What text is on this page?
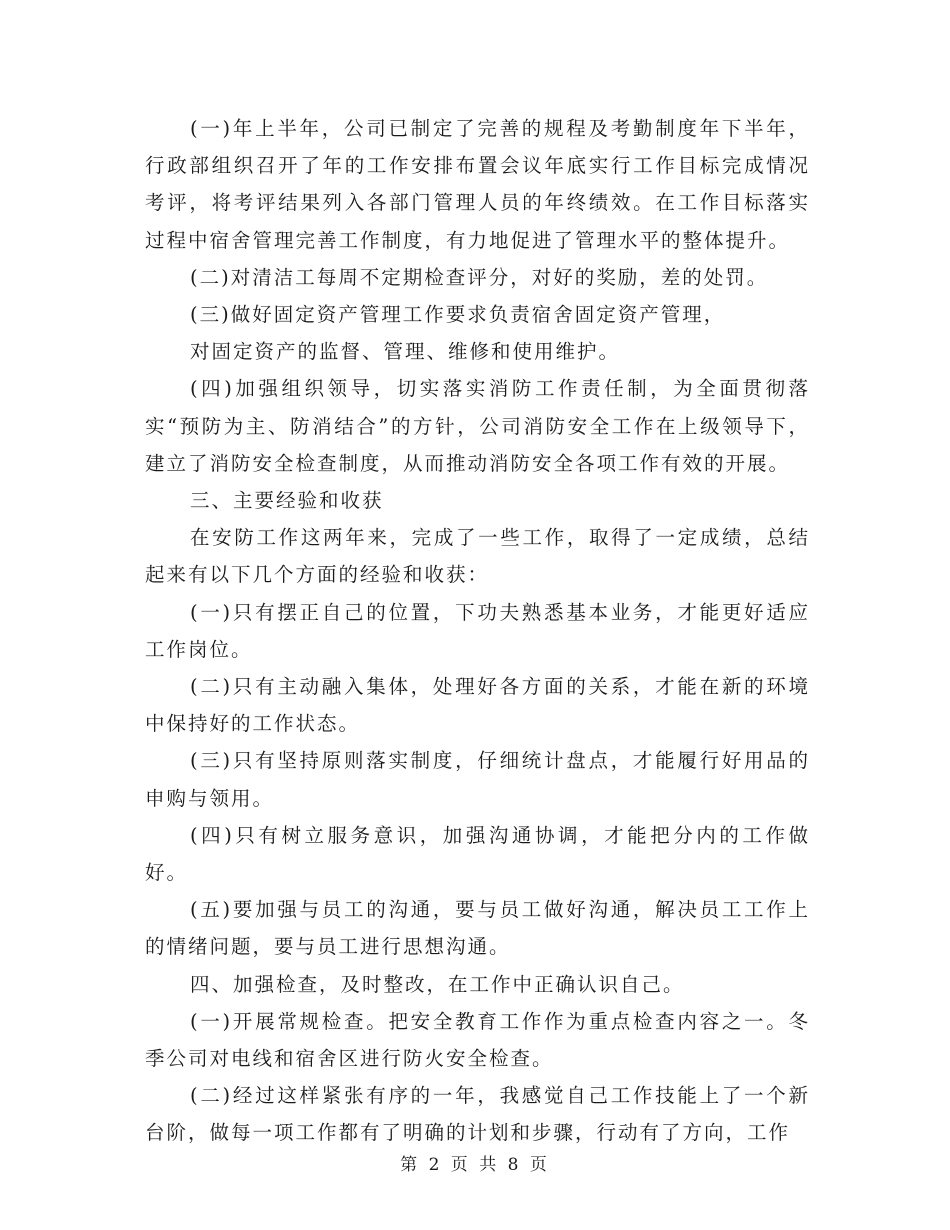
(一)年上半年，公司已制定了完善的规程及考勤制度年下半年，行政部组织召开了年的工作安排布置会议年底实行工作目标完成情况考评，将考评结果列入各部门管理人员的年终绩效。在工作目标落实过程中宿舍管理完善工作制度，有力地促进了管理水平的整体提升。

(二)对清洁工每周不定期检查评分，对好的奖励，差的处罚。

(三)做好固定资产管理工作要求负责宿舍固定资产管理，

对固定资产的监督、管理、维修和使用维护。

(四)加强组织领导，切实落实消防工作责任制，为全面贯彻落实“预防为主、防消结合”的方针，公司消防安全工作在上级领导下，建立了消防安全检查制度，从而推动消防安全各项工作有效的开展。

三、主要经验和收获

在安防工作这两年来，完成了一些工作，取得了一定成绩，总结起来有以下几个方面的经验和收获：

(一)只有摆正自己的位置，下功夫熟悉基本业务，才能更好适应工作岗位。

(二)只有主动融入集体，处理好各方面的关系，才能在新的环境中保持好的工作状态。

(三)只有坚持原则落实制度，仔细统计盘点，才能履行好用品的申购与领用。

(四)只有树立服务意识，加强沟通协调，才能把分内的工作做好。

(五)要加强与员工的沟通，要与员工做好沟通，解决员工工作上的情绪问题，要与员工进行思想沟通。

四、加强检查，及时整改，在工作中正确认识自己。

(一)开展常规检查。把安全教育工作作为重点检查内容之一。冬季公司对电线和宿舍区进行防火安全检查。

(二)经过这样紧张有序的一年，我感觉自己工作技能上了一个新台阶，做每一项工作都有了明确的计划和步骤，行动有了方向，工作

第 2 页 共 8 页
